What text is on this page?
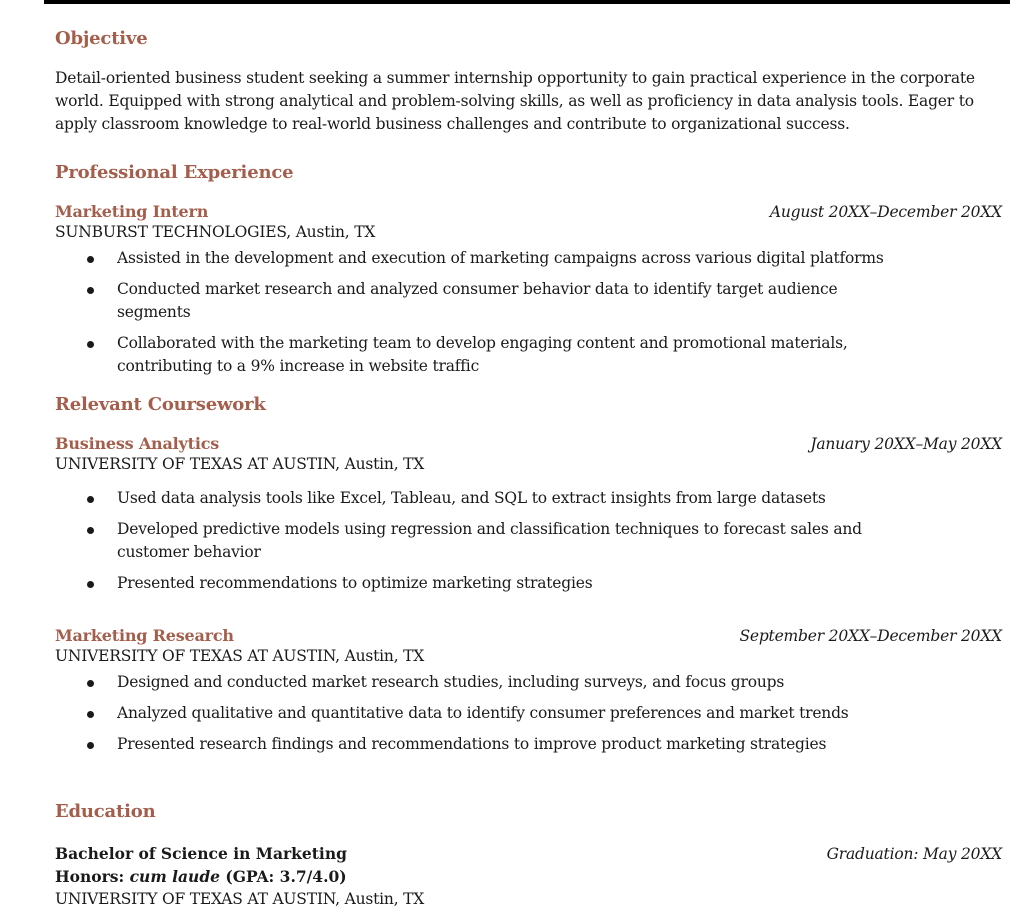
Objective
Detail-oriented business student seeking a summer internship opportunity to gain practical experience in the corporate world. Equipped with strong analytical and problem-solving skills, as well as proficiency in data analysis tools. Eager to apply classroom knowledge to real-world business challenges and contribute to organizational success.
Professional Experience
Marketing Intern	August 20XX–December 20XX
SUNBURST TECHNOLOGIES, Austin, TX
Assisted in the development and execution of marketing campaigns across various digital platforms
Conducted market research and analyzed consumer behavior data to identify target audience segments
Collaborated with the marketing team to develop engaging content and promotional materials, contributing to a 9% increase in website traffic
Relevant Coursework
Business Analytics	January 20XX–May 20XX
UNIVERSITY OF TEXAS AT AUSTIN, Austin, TX
Used data analysis tools like Excel, Tableau, and SQL to extract insights from large datasets
Developed predictive models using regression and classification techniques to forecast sales and customer behavior
Presented recommendations to optimize marketing strategies
Marketing Research	September 20XX–December 20XX
UNIVERSITY OF TEXAS AT AUSTIN, Austin, TX
Designed and conducted market research studies, including surveys, and focus groups
Analyzed qualitative and quantitative data to identify consumer preferences and market trends
Presented research findings and recommendations to improve product marketing strategies
Education
Bachelor of Science in Marketing	Graduation: May 20XX
Honors: cum laude (GPA: 3.7/4.0)
UNIVERSITY OF TEXAS AT AUSTIN, Austin, TX
